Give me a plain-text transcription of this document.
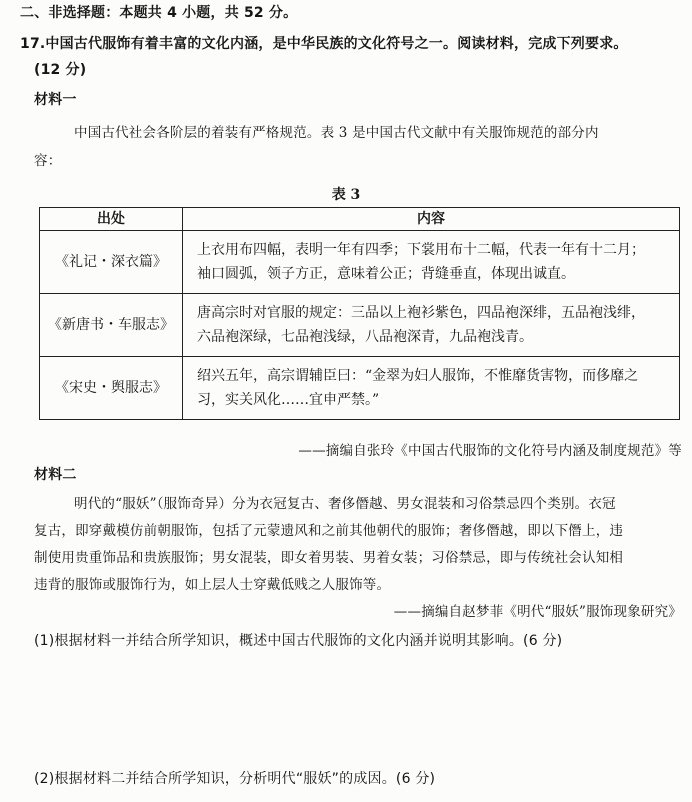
二、非选择题：本题共 4 小题，共 52 分。
17.中国古代服饰有着丰富的文化内涵，是中华民族的文化符号之一。阅读材料，完成下列要求。
(12 分)
材料一
中国古代社会各阶层的着装有严格规范。表 3 是中国古代文献中有关服饰规范的部分内
容：
表 3
出处	内容
《礼记・深衣篇》	上衣用布四幅，表明一年有四季；下裳用布十二幅，代表一年有十二月；
袖口圆弧，领子方正，意味着公正；背缝垂直，体现出诚直。

《新唐书・车服志》	唐高宗时对官服的规定：三品以上袍衫紫色，四品袍深绯，五品袍浅绯，
六品袍深绿，七品袍浅绿，八品袍深青，九品袍浅青。

《宋史・舆服志》	绍兴五年，高宗谓辅臣曰：“金翠为妇人服饰，不惟靡货害物，而侈靡之
习，实关风化……宜申严禁。”
——摘编自张玲《中国古代服饰的文化符号内涵及制度规范》等
材料二
明代的“服妖”（服饰奇异）分为衣冠复古、奢侈僭越、男女混装和习俗禁忌四个类别。衣冠
复古，即穿戴模仿前朝服饰，包括了元蒙遗风和之前其他朝代的服饰；奢侈僭越，即以下僭上，违
制使用贵重饰品和贵族服饰；男女混装，即女着男装、男着女装；习俗禁忌，即与传统社会认知相
违背的服饰或服饰行为，如上层人士穿戴低贱之人服饰等。
——摘编自赵梦菲《明代“服妖”服饰现象研究》
(1)根据材料一并结合所学知识，概述中国古代服饰的文化内涵并说明其影响。(6 分)
(2)根据材料二并结合所学知识，分析明代“服妖”的成因。(6 分)
